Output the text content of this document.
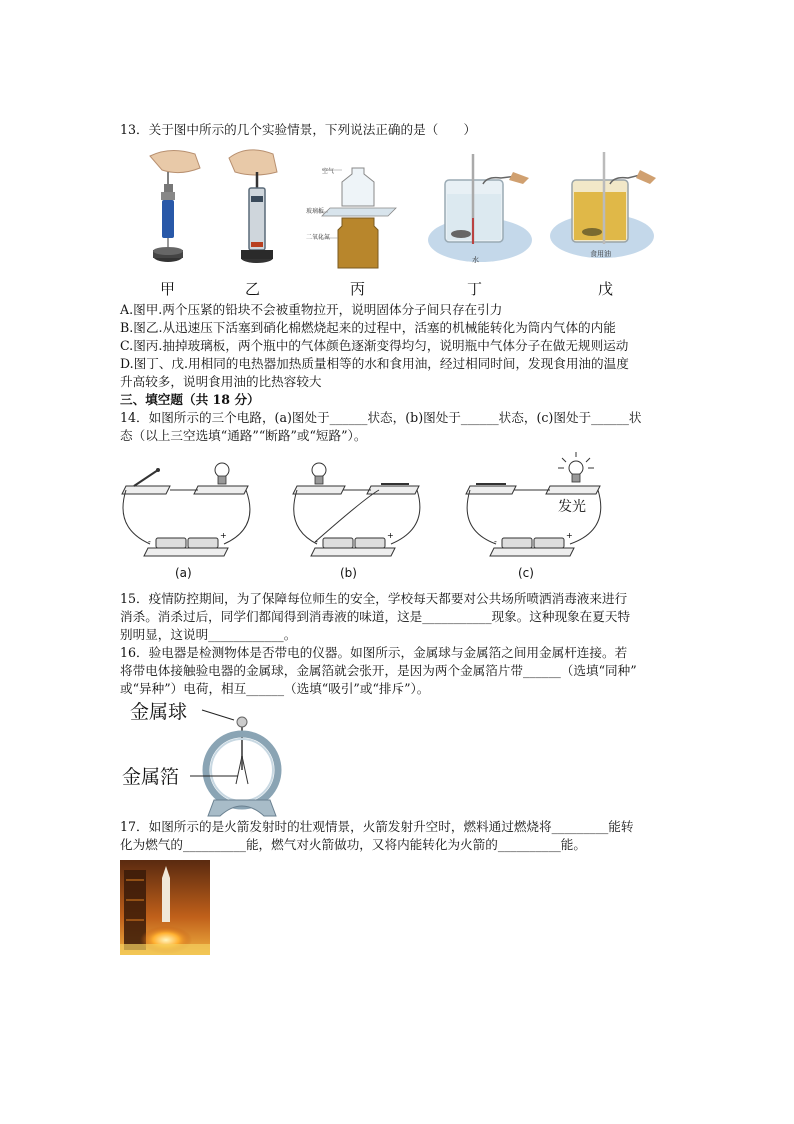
13．关于图中所示的几个实验情景，下列说法正确的是（　　）
空气
玻璃板
二氧化氮
水
食用油
甲	乙	丙	丁	戊
A.图甲.两个压紧的铅块不会被重物拉开，说明固体分子间只存在引力
B.图乙.从迅速压下活塞到硝化棉燃烧起来的过程中，活塞的机械能转化为筒内气体的内能
C.图丙.抽掉玻璃板，两个瓶中的气体颜色逐渐变得均匀，说明瓶中气体分子在做无规则运动
D.图丁、戊.用相同的电热器加热质量相等的水和食用油，经过相同时间，发现食用油的温度
升高较多，说明食用油的比热容较大
三、填空题（共 18 分）
14．如图所示的三个电路，(a)图处于______状态，(b)图处于______状态，(c)图处于______状
态（以上三空选填“通路”“断路”或“短路”）。
-
+
(a)
-
+
(b)
-
+
发光
(c)
15．疫情防控期间，为了保障每位师生的安全，学校每天都要对公共场所喷洒消毒液来进行
消杀。消杀过后，同学们都闻得到消毒液的味道，这是___________现象。这种现象在夏天特
别明显，这说明____________。
16．验电器是检测物体是否带电的仪器。如图所示，金属球与金属箔之间用金属杆连接。若
将带电体接触验电器的金属球，金属箔就会张开，是因为两个金属箔片带______（选填“同种”
或“异种”）电荷，相互______（选填“吸引”或“排斥”）。
金属球
金属箔
17．如图所示的是火箭发射时的壮观情景，火箭发射升空时，燃料通过燃烧将_________能转
化为燃气的__________能，燃气对火箭做功，又将内能转化为火箭的__________能。
